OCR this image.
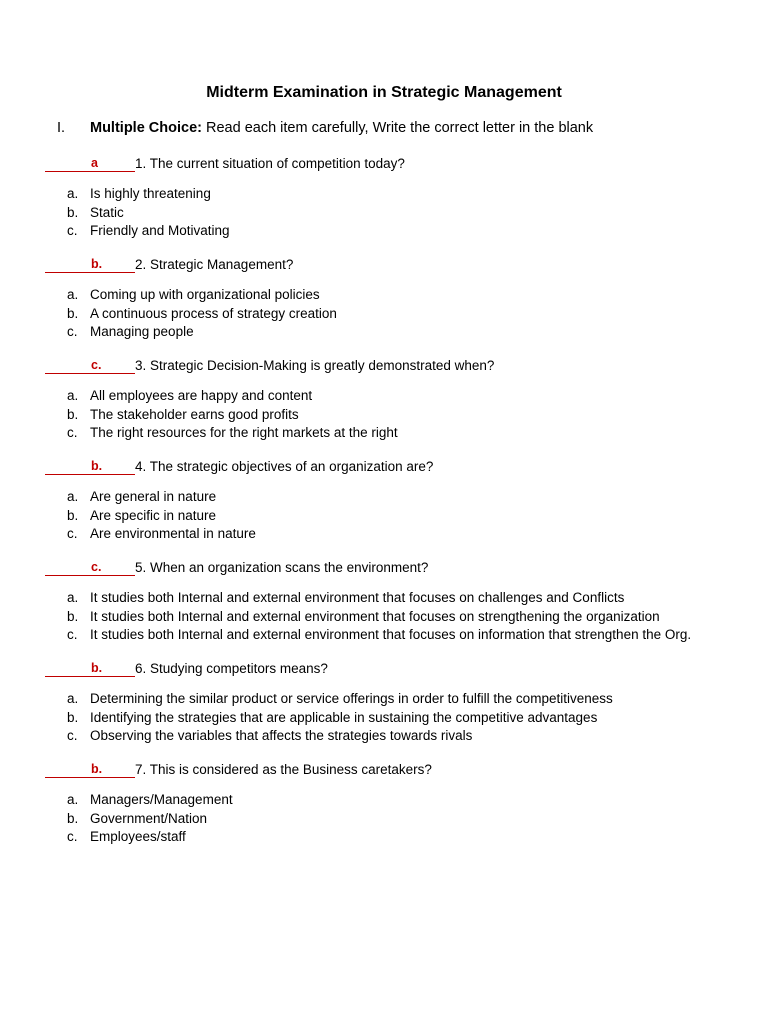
Midterm Examination in Strategic Management
I. Multiple Choice: Read each item carefully, Write the correct letter in the blank
a	1. The current situation of competition today?
a. Is highly threatening
b. Static
c. Friendly and Motivating
b. 2. Strategic Management?
a. Coming up with organizational policies
b. A continuous process of strategy creation
c. Managing people
c. 3. Strategic Decision-Making is greatly demonstrated when?
a. All employees are happy and content
b. The stakeholder earns good profits
c. The right resources for the right markets at the right
b. 4. The strategic objectives of an organization are?
a. Are general in nature
b. Are specific in nature
c. Are environmental in nature
c. 5. When an organization scans the environment?
a. It studies both Internal and external environment that focuses on challenges and Conflicts
b. It studies both Internal and external environment that focuses on strengthening the organization
c. It studies both Internal and external environment that focuses on information that strengthen the Org.
b. 6. Studying competitors means?
a. Determining the similar product or service offerings in order to fulfill the competitiveness
b. Identifying the strategies that are applicable in sustaining the competitive advantages
c. Observing the variables that affects the strategies towards rivals
b. 7. This is considered as the Business caretakers?
a. Managers/Management
b. Government/Nation
c. Employees/staff
